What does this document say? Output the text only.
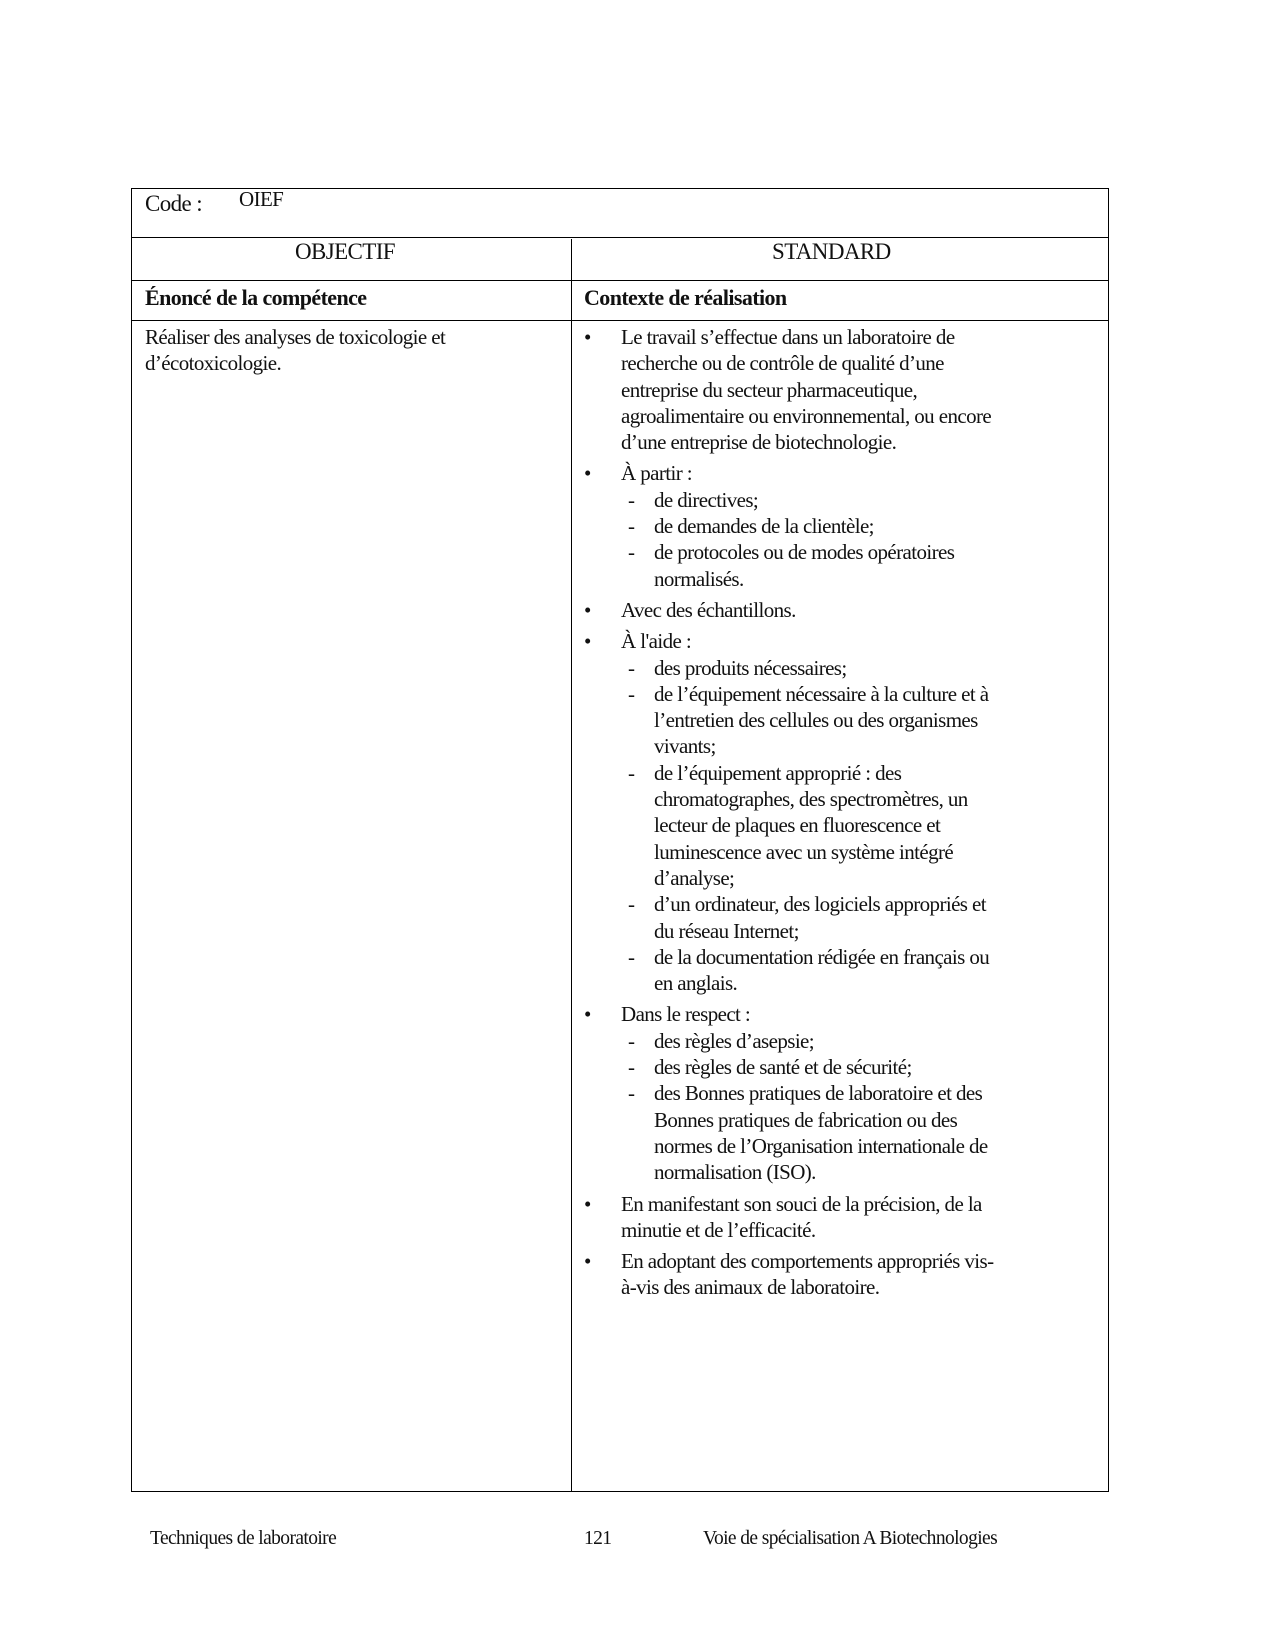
Code : OIEF
OBJECTIF	STANDARD
Énoncé de la compétence	Contexte de réalisation
Réaliser des analyses de toxicologie et
d’écotoxicologie.
• Le travail s’effectue dans un laboratoire de
recherche ou de contrôle de qualité d’une
entreprise du secteur pharmaceutique,
agroalimentaire ou environnemental, ou encore
d’une entreprise de biotechnologie.
• À partir :
- de directives;
- de demandes de la clientèle;
- de protocoles ou de modes opératoires
normalisés.
• Avec des échantillons.
• À l'aide :
- des produits nécessaires;
- de l’équipement nécessaire à la culture et à
l’entretien des cellules ou des organismes
vivants;
- de l’équipement approprié : des
chromatographes, des spectromètres, un
lecteur de plaques en fluorescence et
luminescence avec un système intégré
d’analyse;
- d’un ordinateur, des logiciels appropriés et
du réseau Internet;
- de la documentation rédigée en français ou
en anglais.
• Dans le respect :
- des règles d’asepsie;
- des règles de santé et de sécurité;
- des Bonnes pratiques de laboratoire et des
Bonnes pratiques de fabrication ou des
normes de l’Organisation internationale de
normalisation (ISO).
• En manifestant son souci de la précision, de la
minutie et de l’efficacité.
• En adoptant des comportements appropriés vis-
à-vis des animaux de laboratoire.
Techniques de laboratoire	121	Voie de spécialisation A Biotechnologies
